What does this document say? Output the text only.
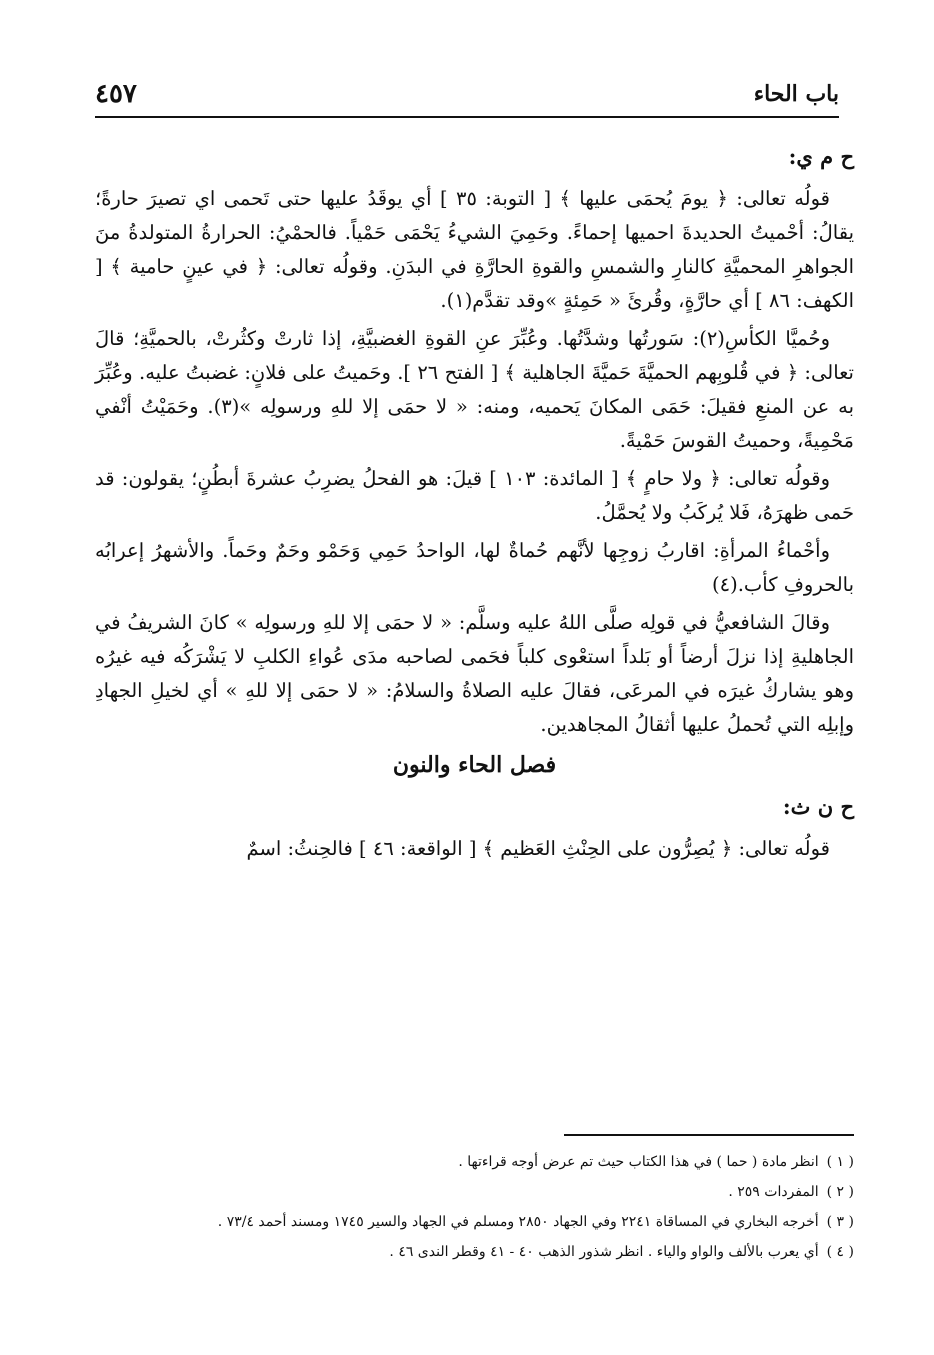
باب الحاء
٤٥٧
ح م ي:

قولُه تعالى: ﴿ يومَ يُحمَى عليها ﴾ [ التوبة: ٣٥ ] أي يوقَدُ عليها حتى تَحمى اي تصيرَ حارةً؛ يقالُ: أحْميتُ الحديدةَ احميها إحماءً. وحَمِيَ الشيءُ يَحْمَى حَمْياً. فالحمْيُ: الحرارةُ المتولدةُ منَ الجواهرِ المحميَّةِ كالنارِ والشمسِ والقوةِ الحارَّةِ في البدَنِ. وقولُه تعالى: ﴿ في عينٍ حامية ﴾ [ الكهف: ٨٦ ] أي حارَّةٍ، وقُرئَ « حَمِئةٍ »وقد تقدَّم(١).

وحُميَّا الكأسِ(٢): سَورتُها وشدَّتُها. وعُبِّرَ عنِ القوةِ الغضبيَّةِ، إذا ثارتْ وكثُرتْ، بالحميَّةِ؛ قالَ تعالى: ﴿ في قُلوبِهم الحميَّةَ حَميَّةَ الجاهلية ﴾ [ الفتح ٢٦ ]. وحَميتُ على فلانٍ: غضبتُ عليه. وعُبِّرَ به عن المنعِ فقيلَ: حَمَى المكانَ يَحميه، ومنه: « لا حمَى إلا للهِ ورسولِه »(٣). وحَمَيْتُ أنْفي مَحْمِيةً، وحميتُ القوسَ حَمْيةً.

وقولُه تعالى: ﴿ ولا حامٍ ﴾ [ المائدة: ١٠٣ ] قيلَ: هو الفحلُ يضرِبُ عشرةَ أبطُنٍ؛ يقولون: قد حَمى ظهرَهُ، فَلا يُركَبُ ولا يُحمَّلُ.

وأحْماءُ المرأةِ: اقاربُ زوجِها لأنَّهم حُماةٌ لها، الواحدُ حَمِي وَحَمْو وحَمٌ وحَماً. والأشهرُ إعرابُه بالحروفِ كأب.(٤)

وقالَ الشافعيُّ في قولِه صلَّى اللهُ عليه وسلَّم: « لا حمَى إلا للهِ ورسولِه » كانَ الشريفُ في الجاهليةِ إذا نزلَ أرضاً أو بَلداً استعْوى كلباً فحَمى لصاحبه مدَى عُواءِ الكلبِ لا يَشْرَكُه فيه غيرُه وهو يشاركُ غيرَه في المرعَى، فقالَ عليه الصلاةُ والسلامُ: « لا حمَى إلا للهِ » أي لخيلِ الجهادِ وإبلِه التي تُحملُ عليها أثقالُ المجاهدين.

فصل الحاء والنون
ح ن ث:

قولُه تعالى: ﴿ يُصِرُّون على الحِنْثِ العَظيم ﴾ [ الواقعة: ٤٦ ] فالحِنثُ: اسمٌ

( ١ )
انظر مادة ( حما ) في هذا الكتاب حيث تم عرض أوجه قراءتها .
( ٢ )
المفردات ٢٥٩ .
( ٣ )
أخرجه البخاري في المساقاة ٢٢٤١ وفي الجهاد ٢٨٥٠ ومسلم في الجهاد والسير ١٧٤٥ ومسند أحمد ٧٣/٤ .
( ٤ )
أي يعرب بالألف والواو والياء . انظر شذور الذهب ٤٠ - ٤١ وقطر الندى ٤٦ .
